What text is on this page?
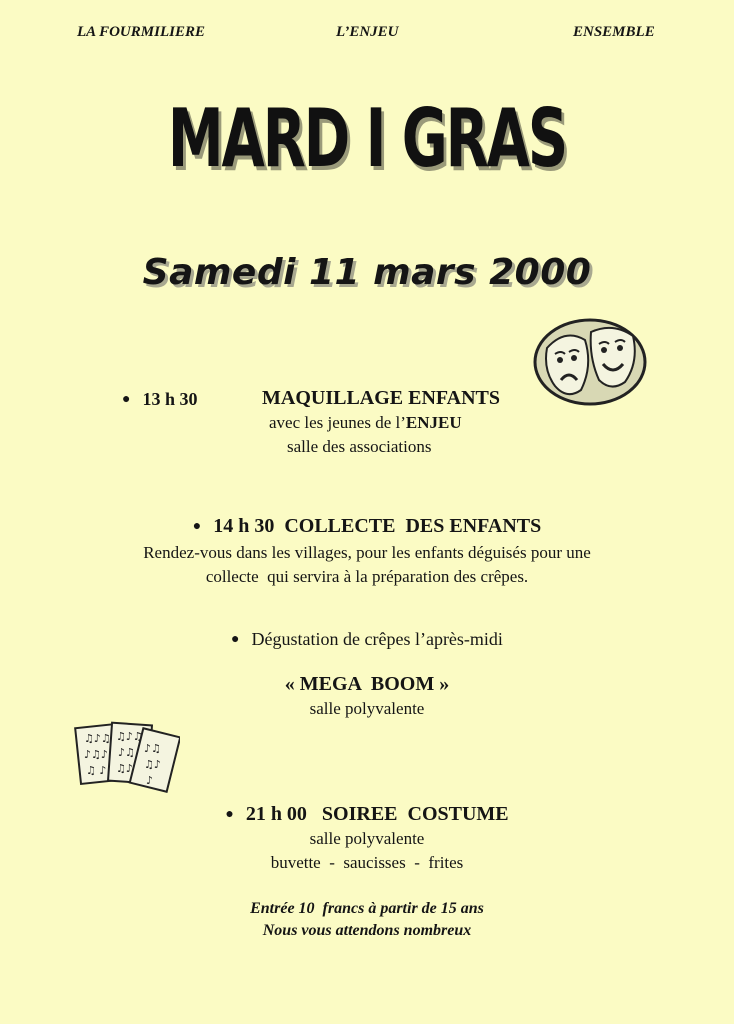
LA FOURMILIERE	L’ENJEU	ENSEMBLE
MARD I GRAS
Samedi 11 mars 2000
● 13 h 30	MAQUILLAGE ENFANTS
avec les jeunes de l’ENJEU
salle des associations
● 14 h 30  COLLECTE  DES ENFANTS
Rendez-vous dans les villages, pour les enfants déguisés pour une
collecte  qui servira à la préparation des crêpes.
● Dégustation de crêpes l’après-midi
« MEGA  BOOM »
salle polyvalente
♫♪♫
♪♫♪
♫ ♪
♫♪♫
♪♫
♫♪
♪♫
♫♪
♪
● 21 h 00   SOIREE  COSTUME
salle polyvalente
buvette  -  saucisses  -  frites
Entrée 10  francs à partir de 15 ans
Nous vous attendons nombreux
